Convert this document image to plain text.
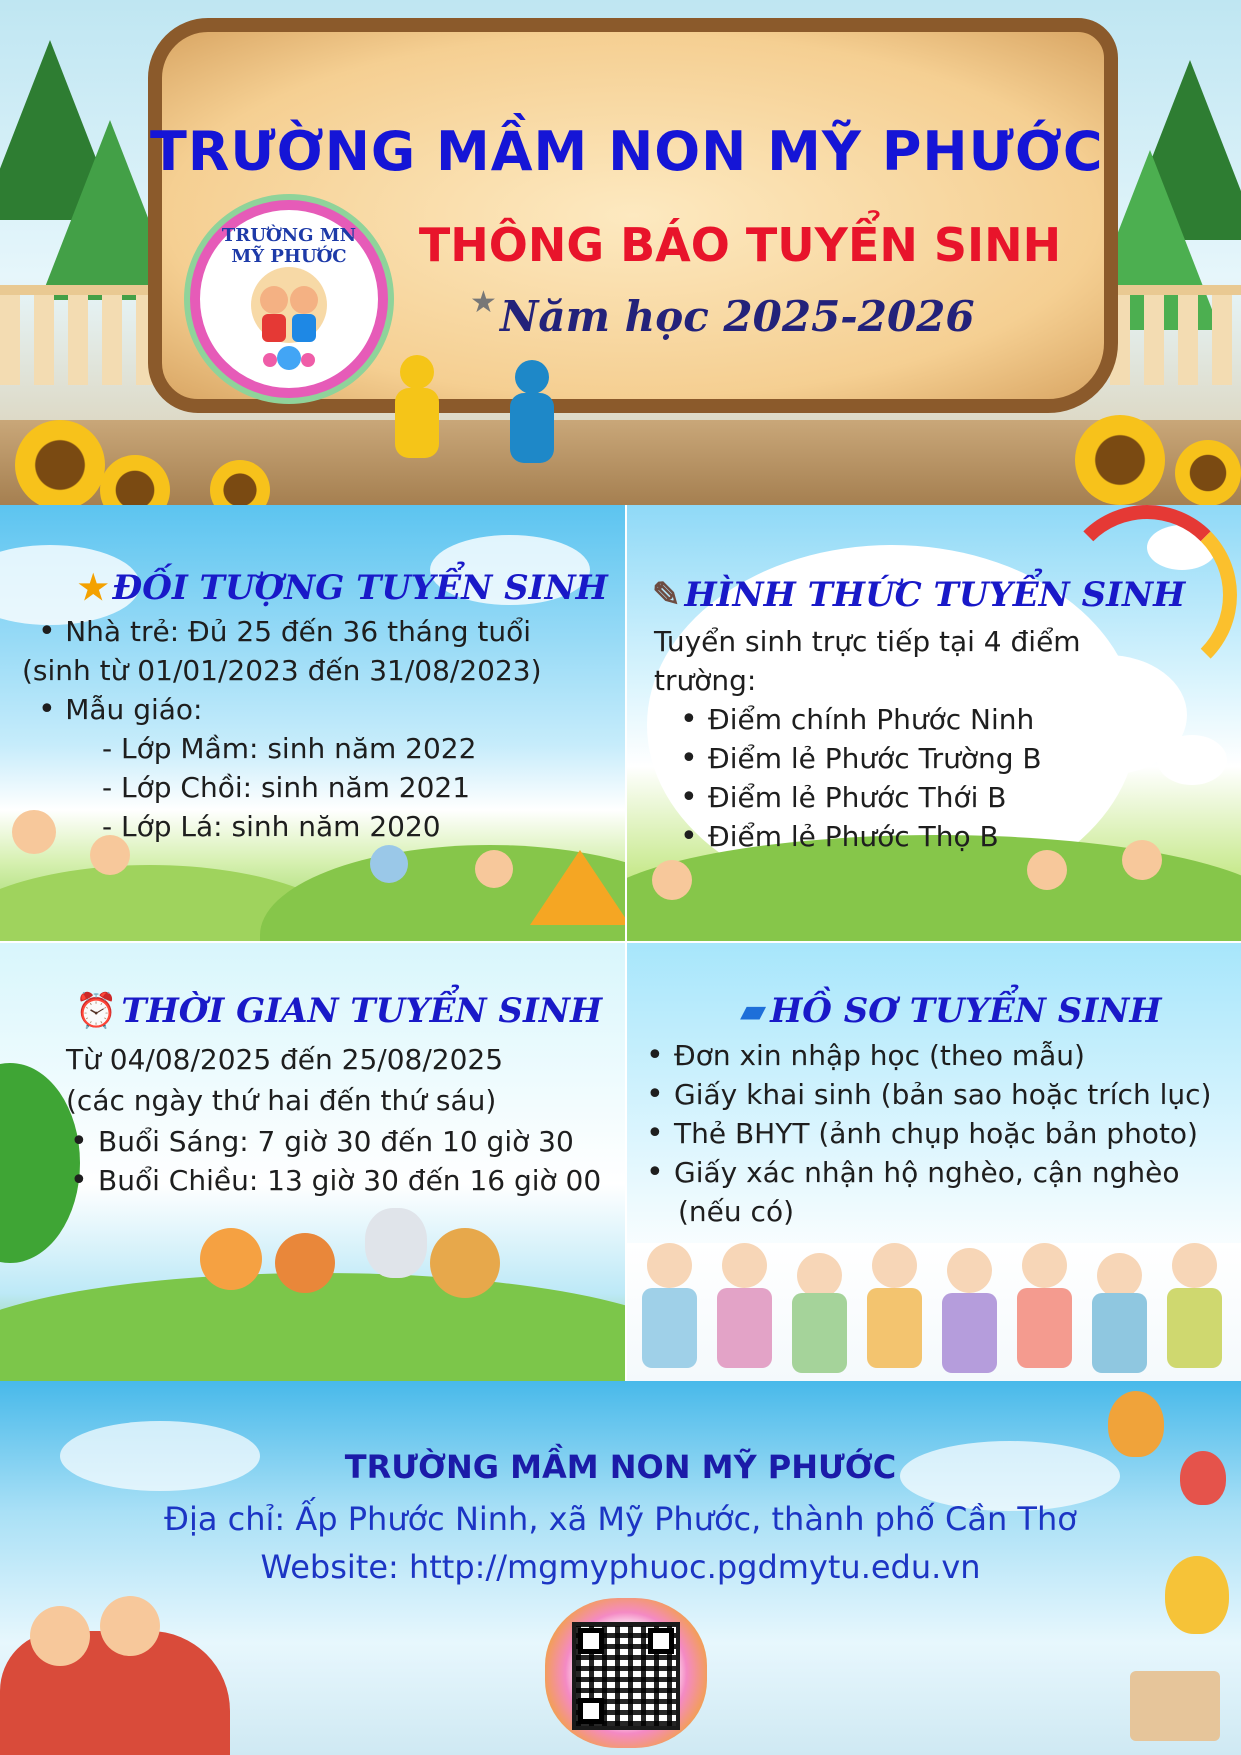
TRƯỜNG MẦM NON MỸ PHƯỚC
THÔNG BÁO TUYỂN SINH
★ Năm học 2025-2026
TRƯỜNG MN MỸ PHƯỚC
★ ĐỐI TƯỢNG TUYỂN SINH
• Nhà trẻ: Đủ 25 đến 36 tháng tuổi
(sinh từ 01/01/2023 đến 31/08/2023)
• Mẫu giáo:
- Lớp Mầm: sinh năm 2022
- Lớp Chồi: sinh năm 2021
- Lớp Lá: sinh năm 2020
✎ HÌNH THỨC TUYỂN SINH
Tuyển sinh trực tiếp tại 4 điểm
trường:
• Điểm chính Phước Ninh
• Điểm lẻ Phước Trường B
• Điểm lẻ Phước Thới B
• Điểm lẻ Phước Thọ B
⏰ THỜI GIAN TUYỂN SINH
Từ 04/08/2025 đến 25/08/2025
(các ngày thứ hai đến thứ sáu)
• Buổi Sáng: 7 giờ 30 đến 10 giờ 30
• Buổi Chiều: 13 giờ 30 đến 16 giờ 00
▰ HỒ SƠ TUYỂN SINH
• Đơn xin nhập học (theo mẫu)
• Giấy khai sinh (bản sao hoặc trích lục)
• Thẻ BHYT (ảnh chụp hoặc bản photo)
• Giấy xác nhận hộ nghèo, cận nghèo
(nếu có)
TRƯỜNG MẦM NON MỸ PHƯỚC
Địa chỉ: Ấp Phước Ninh, xã Mỹ Phước, thành phố Cần Thơ
Website: http://mgmyphuoc.pgdmytu.edu.vn
